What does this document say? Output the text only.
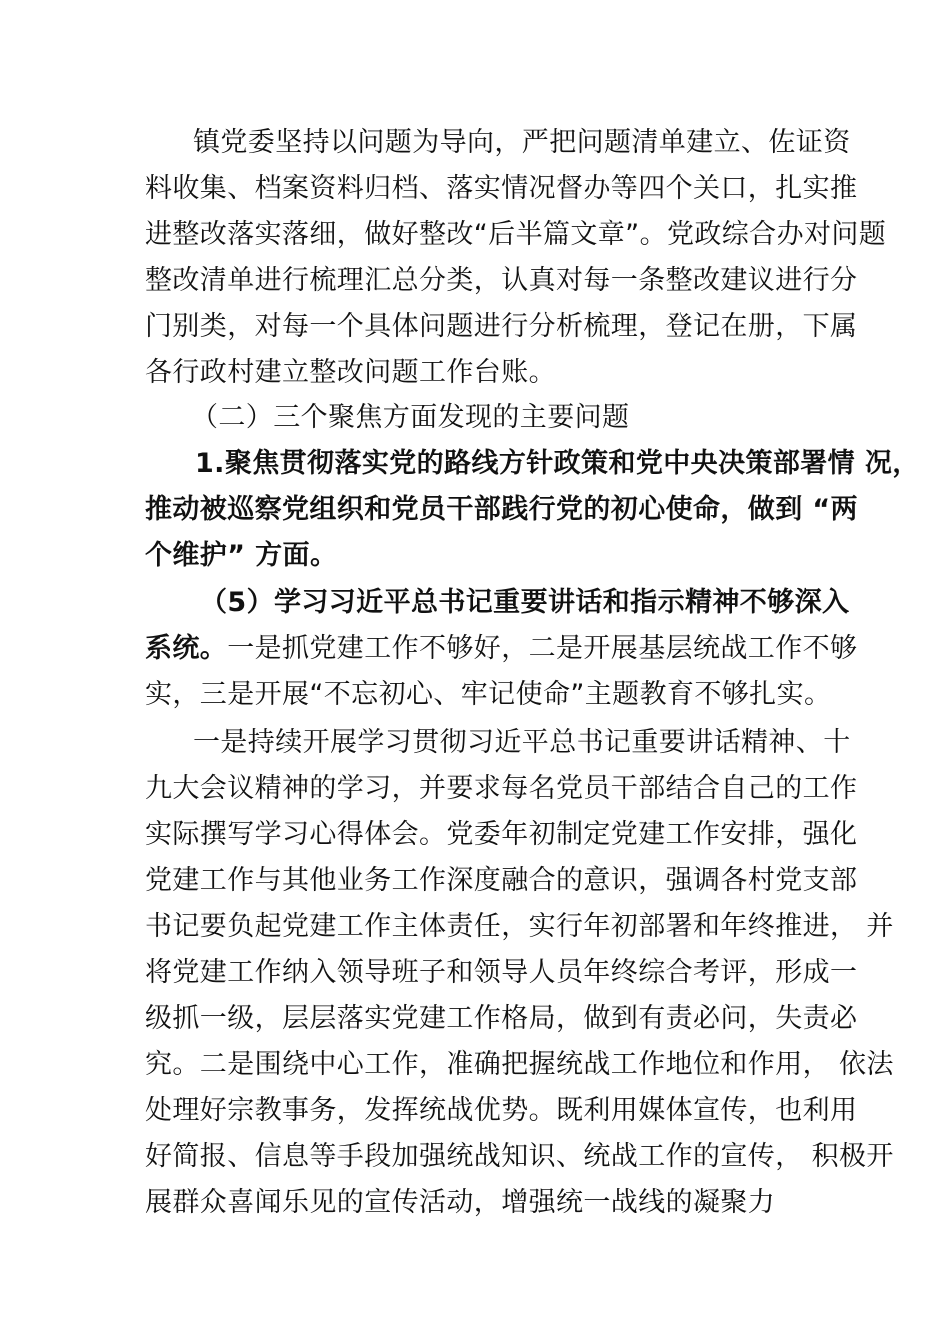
镇党委坚持以问题为导向，严把问题清单建立、佐证资
料收集、档案资料归档、落实情况督办等四个关口，扎实推
进整改落实落细，做好整改“后半篇文章”。党政综合办对问题
整改清单进行梳理汇总分类，认真对每一条整改建议进行分
门别类，对每一个具体问题进行分析梳理，登记在册，下属
各行政村建立整改问题工作台账。
（二）三个聚焦方面发现的主要问题
1.聚焦贯彻落实党的路线方针政策和党中央决策部署情 况，
推动被巡察党组织和党员干部践行党的初心使命，做到 “两
个维护” 方面。
（5）学习习近平总书记重要讲话和指示精神不够深入
系统。一是抓党建工作不够好，二是开展基层统战工作不够
实，三是开展“不忘初心、牢记使命”主题教育不够扎实。
一是持续开展学习贯彻习近平总书记重要讲话精神、十
九大会议精神的学习，并要求每名党员干部结合自己的工作
实际撰写学习心得体会。党委年初制定党建工作安排，强化
党建工作与其他业务工作深度融合的意识，强调各村党支部
书记要负起党建工作主体责任，实行年初部署和年终推进， 并
将党建工作纳入领导班子和领导人员年终综合考评，形成一
级抓一级，层层落实党建工作格局，做到有责必问，失责必
究。二是围绕中心工作，准确把握统战工作地位和作用， 依法
处理好宗教事务，发挥统战优势。既利用媒体宣传，也利用
好简报、信息等手段加强统战知识、统战工作的宣传， 积极开
展群众喜闻乐见的宣传活动，增强统一战线的凝聚力
